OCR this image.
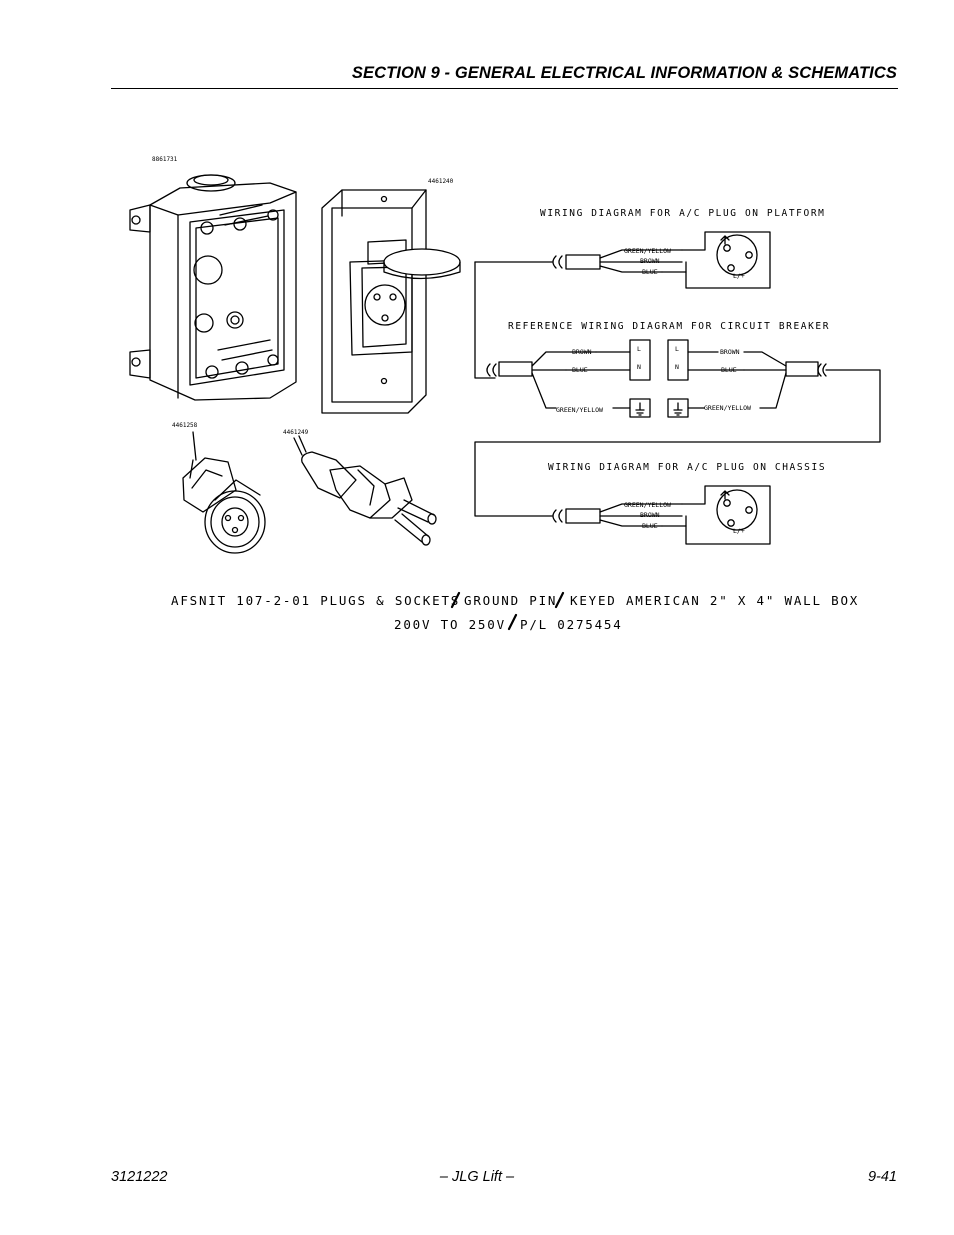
SECTION 9 - GENERAL ELECTRICAL INFORMATION & SCHEMATICS
8861731
4461240
4461258
4461249
WIRING DIAGRAM FOR A/C PLUG ON PLATFORM
GREEN/YELLOW
BROWN
BLUE	L/+
REFERENCE WIRING DIAGRAM FOR CIRCUIT BREAKER
BROWN
BLUE
GREEN/YELLOW
BROWN
BLUE
GREEN/YELLOW
L
N
L
N
WIRING DIAGRAM FOR A/C PLUG ON CHASSIS
GREEN/YELLOW
BROWN
BLUE
L/+
AFSNIT 107-2-01 PLUGS & SOCKETS GROUND PIN KEYED AMERICAN 2" X 4" WALL BOX
200V TO 250V P/L 0275454
3121222	– JLG Lift –	9-41
